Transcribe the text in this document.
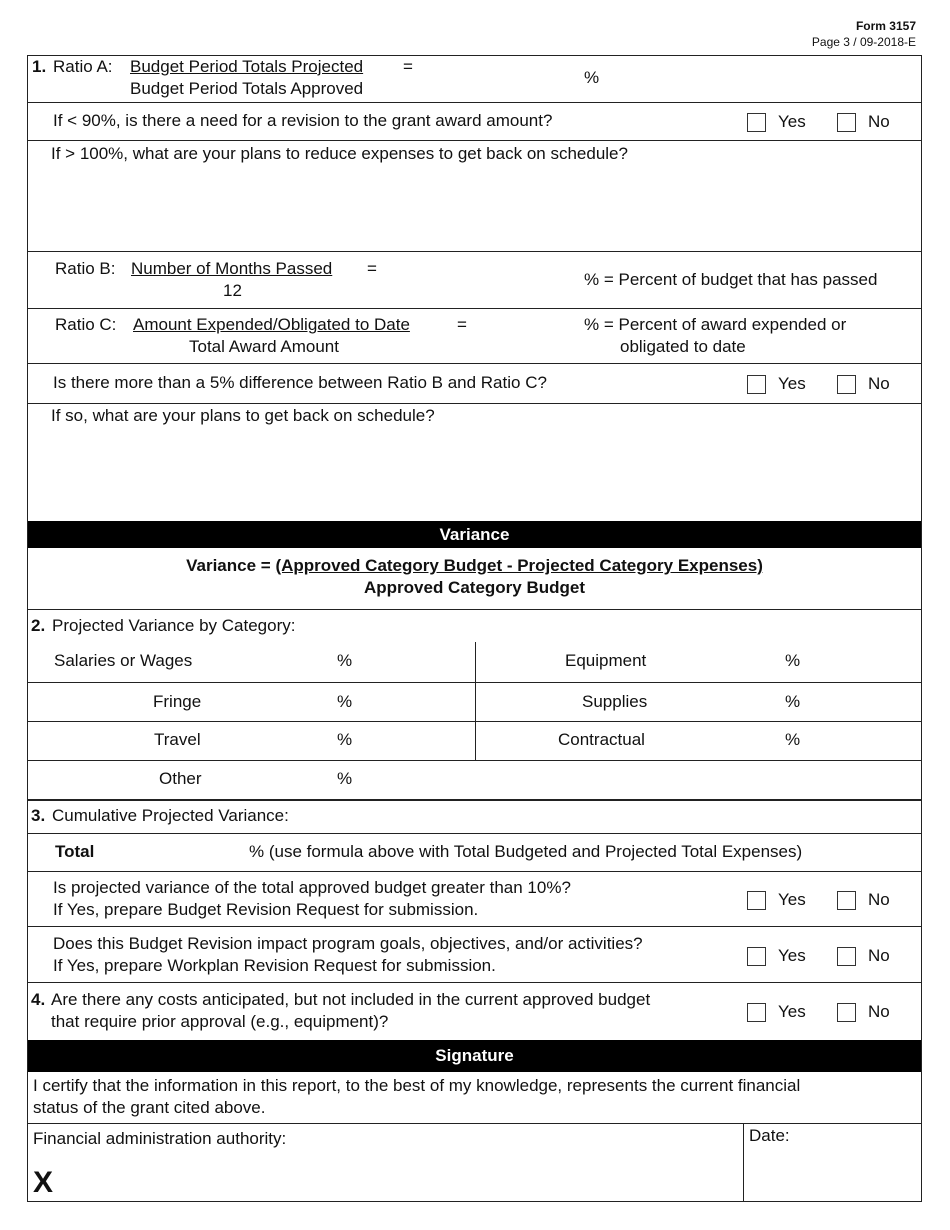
Form 3157
Page 3 / 09-2018-E
1. Ratio A: Budget Period Totals Projected =
Budget Period Totals Approved
%
If < 90%, is there a need for a revision to the grant award amount?	Yes	No
If > 100%, what are your plans to reduce expenses to get back on schedule?
Ratio B: Number of Months Passed =
12
% = Percent of budget that has passed
Ratio C: Amount Expended/Obligated to Date	=
Total Award Amount
% = Percent of award expended or
obligated to date
Is there more than a 5% difference between Ratio B and Ratio C?	Yes	No
If so, what are your plans to get back on schedule?
Variance
Variance = (Approved Category Budget - Projected Category Expenses)
Approved Category Budget
2. Projected Variance by Category:
Salaries or Wages	%	Equipment	%
Fringe	%	Supplies	%
Travel	%	Contractual	%
Other	%
3. Cumulative Projected Variance:
Total	% (use formula above with Total Budgeted and Projected Total Expenses)
Is projected variance of the total approved budget greater than 10%?
If Yes, prepare Budget Revision Request for submission.
Yes	No
Does this Budget Revision impact program goals, objectives, and/or activities?
If Yes, prepare Workplan Revision Request for submission.
Yes	No
4. Are there any costs anticipated, but not included in the current approved budget
that require prior approval (e.g., equipment)?
Yes	No
Signature
I certify that the information in this report, to the best of my knowledge, represents the current financial
status of the grant cited above.
Financial administration authority:
X
Date:
